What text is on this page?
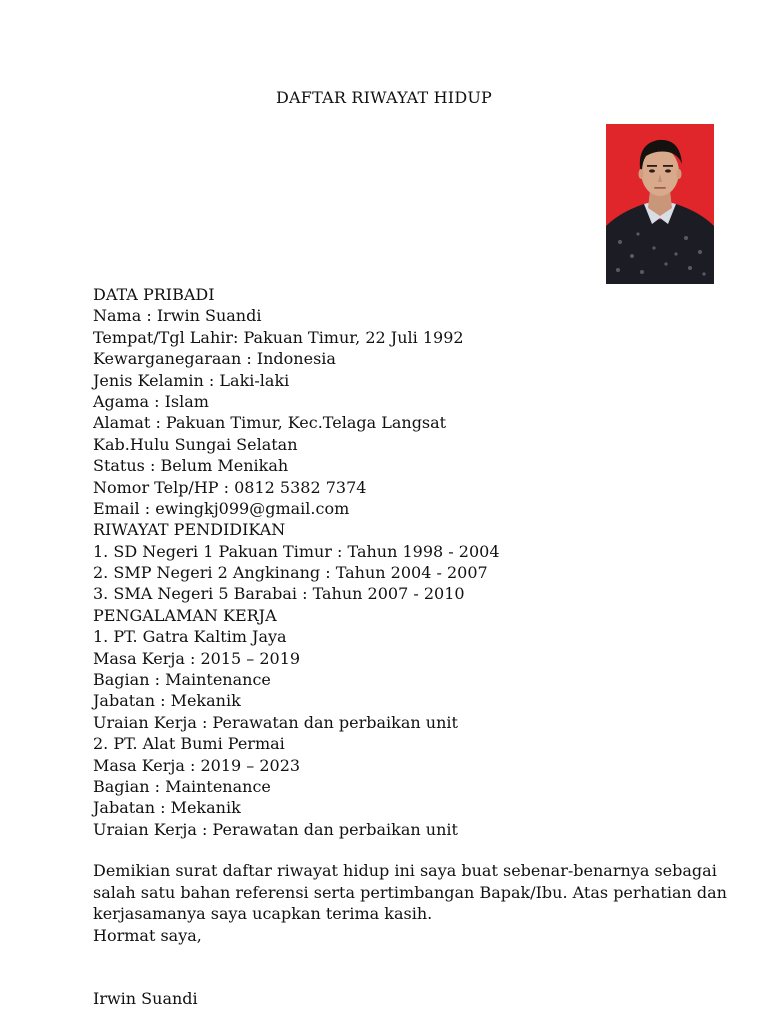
DAFTAR RIWAYAT HIDUP
DATA PRIBADI
Nama : Irwin Suandi
Tempat/Tgl Lahir: Pakuan Timur, 22 Juli 1992
Kewarganegaraan : Indonesia
Jenis Kelamin : Laki-laki
Agama : Islam
Alamat : Pakuan Timur, Kec.Telaga Langsat
Kab.Hulu Sungai Selatan
Status : Belum Menikah
Nomor Telp/HP : 0812 5382 7374
Email : ewingkj099@gmail.com
RIWAYAT PENDIDIKAN
1. SD Negeri 1 Pakuan Timur : Tahun 1998 - 2004
2. SMP Negeri 2 Angkinang : Tahun 2004 - 2007
3. SMA Negeri 5 Barabai : Tahun 2007 - 2010
PENGALAMAN KERJA
1. PT. Gatra Kaltim Jaya
Masa Kerja : 2015 – 2019
Bagian : Maintenance
Jabatan : Mekanik
Uraian Kerja : Perawatan dan perbaikan unit
2. PT. Alat Bumi Permai
Masa Kerja : 2019 – 2023
Bagian : Maintenance
Jabatan : Mekanik
Uraian Kerja : Perawatan dan perbaikan unit
Demikian surat daftar riwayat hidup ini saya buat sebenar-benarnya sebagai salah satu bahan referensi serta pertimbangan Bapak/Ibu. Atas perhatian dan kerjasamanya saya ucapkan terima kasih.
Hormat saya,
Irwin Suandi
